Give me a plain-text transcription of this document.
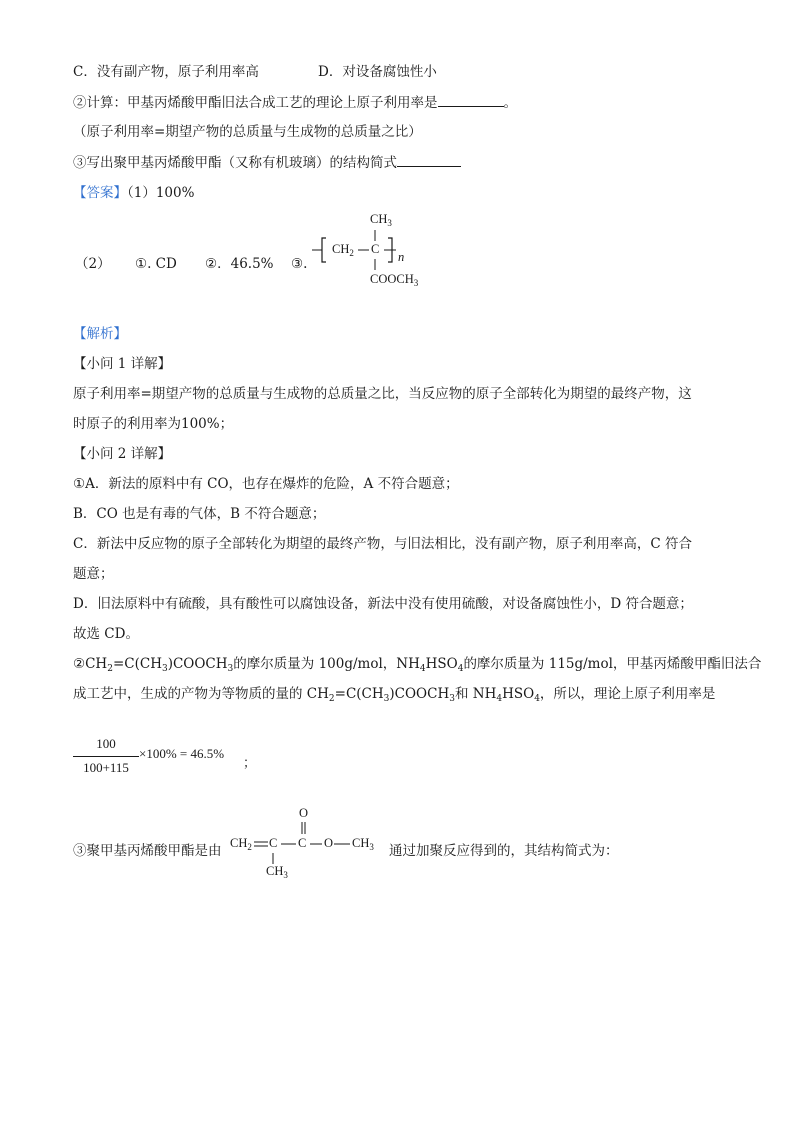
C．没有副产物，原子利用率高	D．对设备腐蚀性小
②计算：甲基丙烯酸甲酯旧法合成工艺的理论上原子利用率是	。
（原子利用率=期望产物的总质量与生成物的总质量之比）
③写出聚甲基丙烯酸甲酯（又称有机玻璃）的结构简式
【答案】（1）100%
（2） ①. CD ②．46.5% ③.
$CH_3$
$CH_2$ C
n
$COOCH_3$
【解析】
【小问 1 详解】
原子利用率=期望产物的总质量与生成物的总质量之比，当反应物的原子全部转化为期望的最终产物，这
时原子的利用率为100%；
【小问 2 详解】
①A．新法的原料中有 CO，也存在爆炸的危险，A 不符合题意；
B．CO 也是有毒的气体，B 不符合题意；
C．新法中反应物的原子全部转化为期望的最终产物，与旧法相比，没有副产物，原子利用率高，C 符合
题意；
D．旧法原料中有硫酸，具有酸性可以腐蚀设备，新法中没有使用硫酸，对设备腐蚀性小，D 符合题意；
故选 CD。
$②CH_2=C(CH_3)COOCH_3$的摩尔质量为 100g/mol，$NH_4HSO_4$的摩尔质量为 115g/mol，甲基丙烯酸甲酯旧法合
成工艺中，生成的产物为等物质的量的 $CH_2=C(CH_3)COOCH_3$和 $NH_4HSO_4$，所以，理论上原子利用率是
100
100+115
×100% = 46.5%
；
③聚甲基丙烯酸甲酯是由
O
$CH_2$ C C O $CH_3$
$CH_3$
通过加聚反应得到的，其结构简式为：
